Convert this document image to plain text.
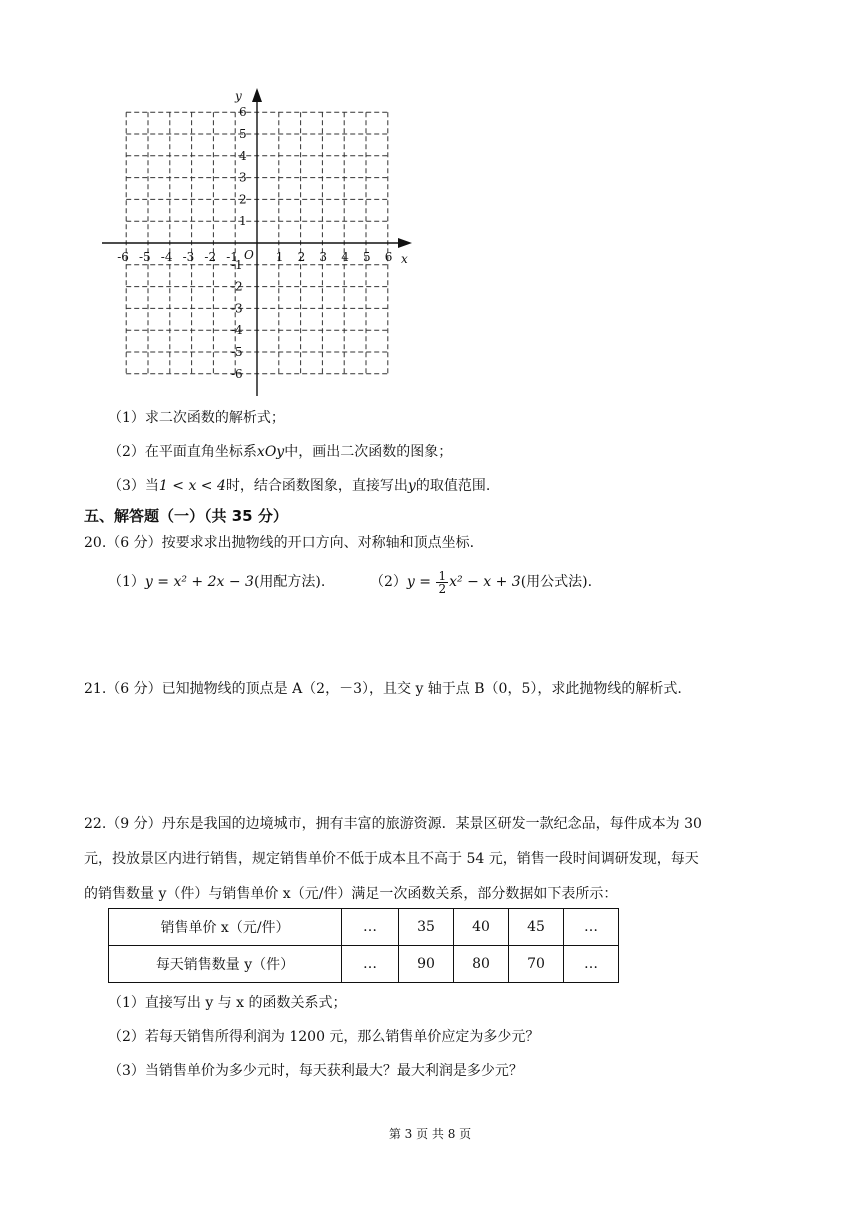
y
x
O 1
1
2
2
3
3
4
4
5
5
6
6
-1
-1
-2
-2
-3
-3
-4
-4
-5
-5
-6
-6
（1）求二次函数的解析式；
（2）在平面直角坐标系xOy中，画出二次函数的图象；
（3）当1 < x < 4时，结合函数图象，直接写出y的取值范围.
五、解答题（一）（共 35 分）
20.（6 分）按要求求出抛物线的开口方向、对称轴和顶点坐标.
（1）y = x² + 2x − 3(用配方法).	$(2)y = \frac{1}{2} x^2 - x + 3$(用公式法).
21.（6 分）已知抛物线的顶点是 A（2，－3），且交 y 轴于点 B（0，5），求此抛物线的解析式.
22.（9 分）丹东是我国的边境城市，拥有丰富的旅游资源．某景区研发一款纪念品，每件成本为 30
元，投放景区内进行销售，规定销售单价不低于成本且不高于 54 元，销售一段时间调研发现，每天
的销售数量 y（件）与销售单价 x（元/件）满足一次函数关系，部分数据如下表所示：
销售单价 x（元/件）	…	35	40	45	…
每天销售数量 y（件）	…	90	80	70	…
（1）直接写出 y 与 x 的函数关系式；
（2）若每天销售所得利润为 1200 元，那么销售单价应定为多少元？
（3）当销售单价为多少元时，每天获利最大？最大利润是多少元？
第 3 页 共 8 页
